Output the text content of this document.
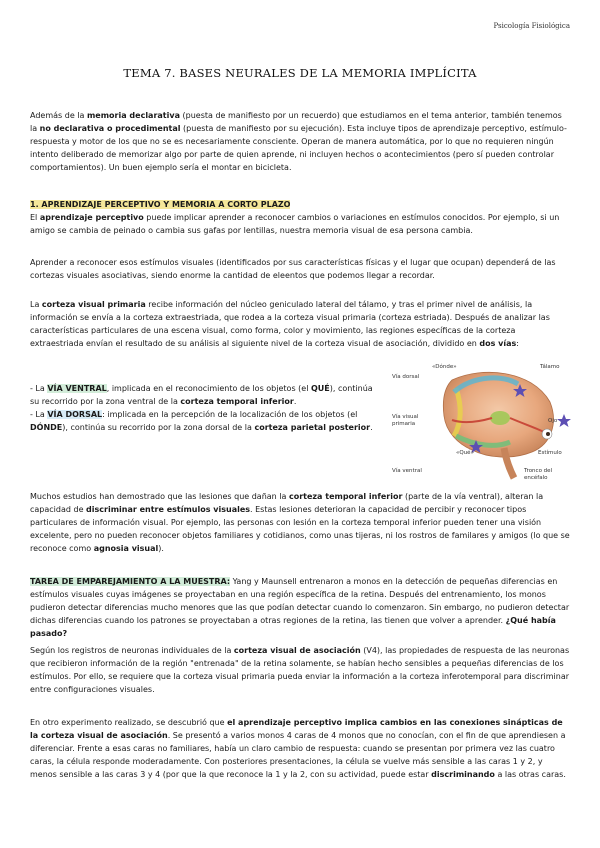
Psicología Fisiológica
TEMA 7. BASES NEURALES DE LA MEMORIA IMPLÍCITA

Además de la memoria declarativa (puesta de manifiesto por un recuerdo) que estudiamos en el tema anterior, también tenemos la no declarativa o procedimental (puesta de manifiesto por su ejecución). Esta incluye tipos de aprendizaje perceptivo, estímulo-respuesta y motor de los que no se es necesariamente consciente. Operan de manera automática, por lo que no requieren ningún intento deliberado de memorizar algo por parte de quien aprende, ni incluyen hechos o acontecimientos (pero sí pueden controlar comportamientos). Un buen ejemplo sería el montar en bicicleta.

1. APRENDIZAJE PERCEPTIVO Y MEMORIA A CORTO PLAZO

El aprendizaje perceptivo puede implicar aprender a reconocer cambios o variaciones en estímulos conocidos. Por ejemplo, si un amigo se cambia de peinado o cambia sus gafas por lentillas, nuestra memoria visual de esa persona cambia.

Aprender a reconocer esos estímulos visuales (identificados por sus características físicas y el lugar que ocupan) dependerá de las cortezas visuales asociativas, siendo enorme la cantidad de eleentos que podemos llegar a recordar.

La corteza visual primaria recibe información del núcleo geniculado lateral del tálamo, y tras el primer nivel de análisis, la información se envía a la corteza extraestriada, que rodea a la corteza visual primaria (corteza estriada). Después de analizar las características particulares de una escena visual, como forma, color y movimiento, las regiones específicas de la corteza extraestriada envían el resultado de su análisis al siguiente nivel de la corteza visual de asociación, dividido en dos vías:

- La VÍA VENTRAL, implicada en el reconocimiento de los objetos (el QUÉ), continúa su recorrido por la zona ventral de la corteza temporal inferior.

- La VÍA DORSAL: implicada en la percepción de la localización de los objetos (el DÓNDE), continúa su recorrido por la zona dorsal de la corteza parietal posterior.

Vía dorsal
«Dónde»	Tálamo
Vía visual primaria	Ojo
Estímulo
«Qué»
Vía ventral	Tronco del encéfalo

Muchos estudios han demostrado que las lesiones que dañan la corteza temporal inferior (parte de la vía ventral), alteran la capacidad de discriminar entre estímulos visuales. Estas lesiones deterioran la capacidad de percibir y reconocer tipos particulares de información visual. Por ejemplo, las personas con lesión en la corteza temporal inferior pueden tener una visión excelente, pero no pueden reconocer objetos familiares y cotidianos, como unas tijeras, ni los rostros de familares y amigos (lo que se reconoce como agnosia visual).

TAREA DE EMPAREJAMIENTO A LA MUESTRA: Yang y Maunsell entrenaron a monos en la detección de pequeñas diferencias en estímulos visuales cuyas imágenes se proyectaban en una región específica de la retina. Después del entrenamiento, los monos pudieron detectar diferencias mucho menores que las que podían detectar cuando lo comenzaron. Sin embargo, no pudieron detectar dichas diferencias cuando los patrones se proyectaban a otras regiones de la retina, las tienen que volver a aprender. ¿Qué había pasado?

Según los registros de neuronas individuales de la corteza visual de asociación (V4), las propiedades de respuesta de las neuronas que recibieron información de la región "entrenada" de la retina solamente, se habían hecho sensibles a pequeñas diferencias de los estímulos. Por ello, se requiere que la corteza visual primaria pueda enviar la información a la corteza inferotemporal para discriminar entre configuraciones visuales.

En otro experimento realizado, se descubrió que el aprendizaje perceptivo implica cambios en las conexiones sinápticas de la corteza visual de asociación. Se presentó a varios monos 4 caras de 4 monos que no conocían, con el fin de que aprendiesen a diferenciar. Frente a esas caras no familiares, había un claro cambio de respuesta: cuando se presentan por primera vez las cuatro caras, la célula responde moderadamente. Con posteriores presentaciones, la célula se vuelve más sensible a las caras 1 y 2, y menos sensible a las caras 3 y 4 (por que la que reconoce la 1 y la 2, con su actividad, puede estar discriminando a las otras caras.
